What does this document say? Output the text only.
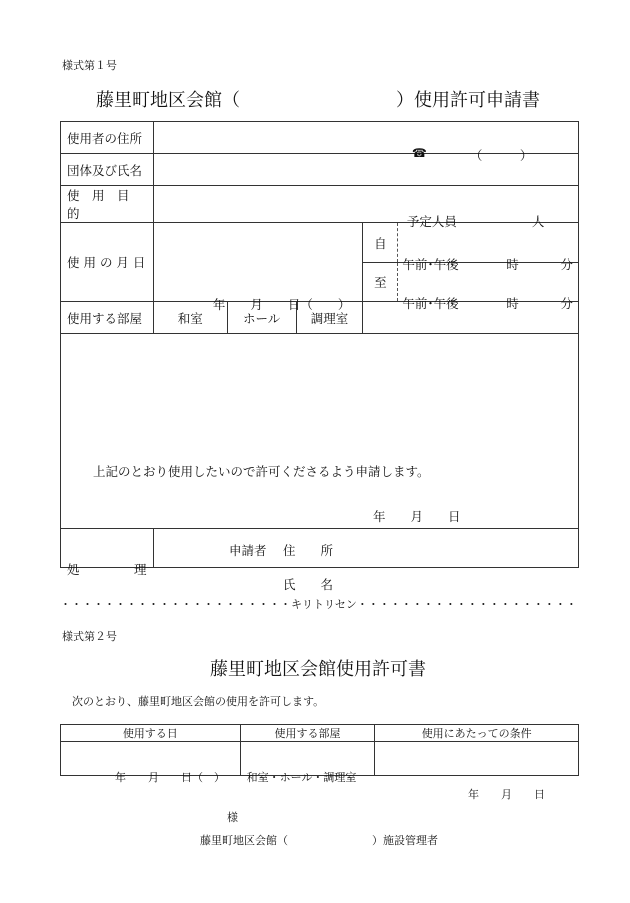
様式第１号
藤里町地区会館（	）使用許可申請書
使用者の住所	☎ （　　　）				

団体及び氏名					
使　用　目　的	予定人員 人				

使 用 の 月 日	年　　月　　日（　　）			自	午前･午後 時 分

				至	午前･午後 時 分

使用する部屋	和室	ホール	調理室		

上記のとおり使用したいので許可くださるよう申請します。
年　　月　　日
申請者 住　　所
氏　　名					

処 理					

・・・・・・・・・・・・・・・・・・・・・キリトリセン・・・・・・・・・・・・・・・・・・・・
様式第２号
藤里町地区会館使用許可書
次のとおり、藤里町地区会館の使用を許可します。
使用する日	使用する部屋	使用にあたっての条件

年　　月　　日（　）	和室・ホール・調理室	

年　　月　　日
様
藤里町地区会館（	）施設管理者
